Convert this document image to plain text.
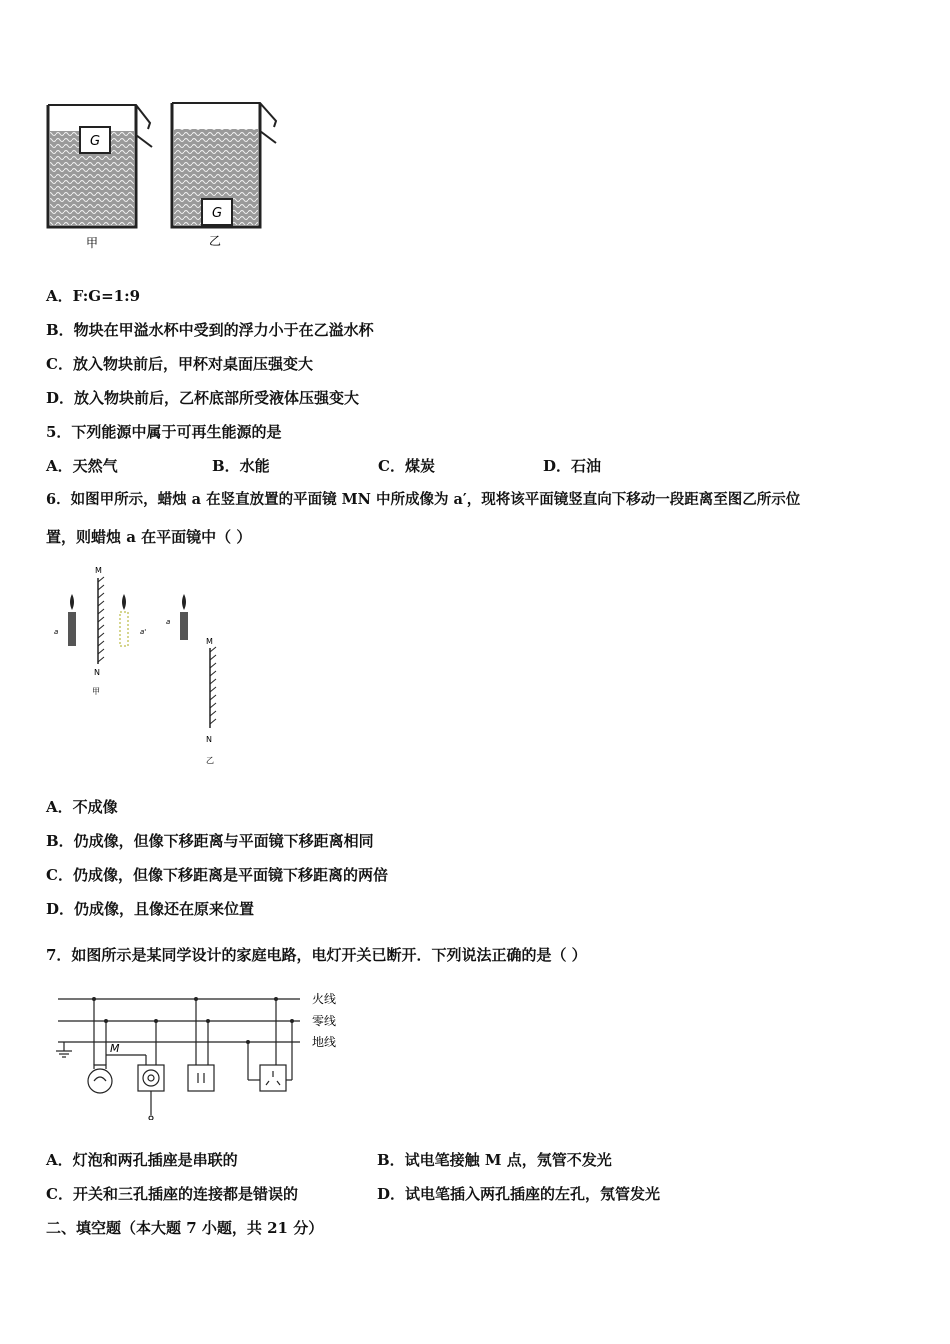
G
甲
G
乙
A．F:G=1:9
B．物块在甲溢水杯中受到的浮力小于在乙溢水杯
C．放入物块前后，甲杯对桌面压强变大
D．放入物块前后，乙杯底部所受液体压强变大
5．下列能源中属于可再生能源的是
A．天然气	B．水能	C．煤炭	D．石油
6．如图甲所示，蜡烛 a 在竖直放置的平面镜 MN 中所成像为 a′，现将该平面镜竖直向下移动一段距离至图乙所示位
置，则蜡烛 a 在平面镜中（ ）
a
M
N
甲
a'
a
M
N
乙
A．不成像
B．仍成像，但像下移距离与平面镜下移距离相同
C．仍成像，但像下移距离是平面镜下移距离的两倍
D．仍成像，且像还在原来位置
7．如图所示是某同学设计的家庭电路，电灯开关已断开．下列说法正确的是（ ）
M
火线
零线
地线
A．灯泡和两孔插座是串联的	B．试电笔接触 M 点，氖管不发光
C．开关和三孔插座的连接都是错误的	D．试电笔插入两孔插座的左孔，氖管发光
二、填空题（本大题 7 小题，共 21 分）
